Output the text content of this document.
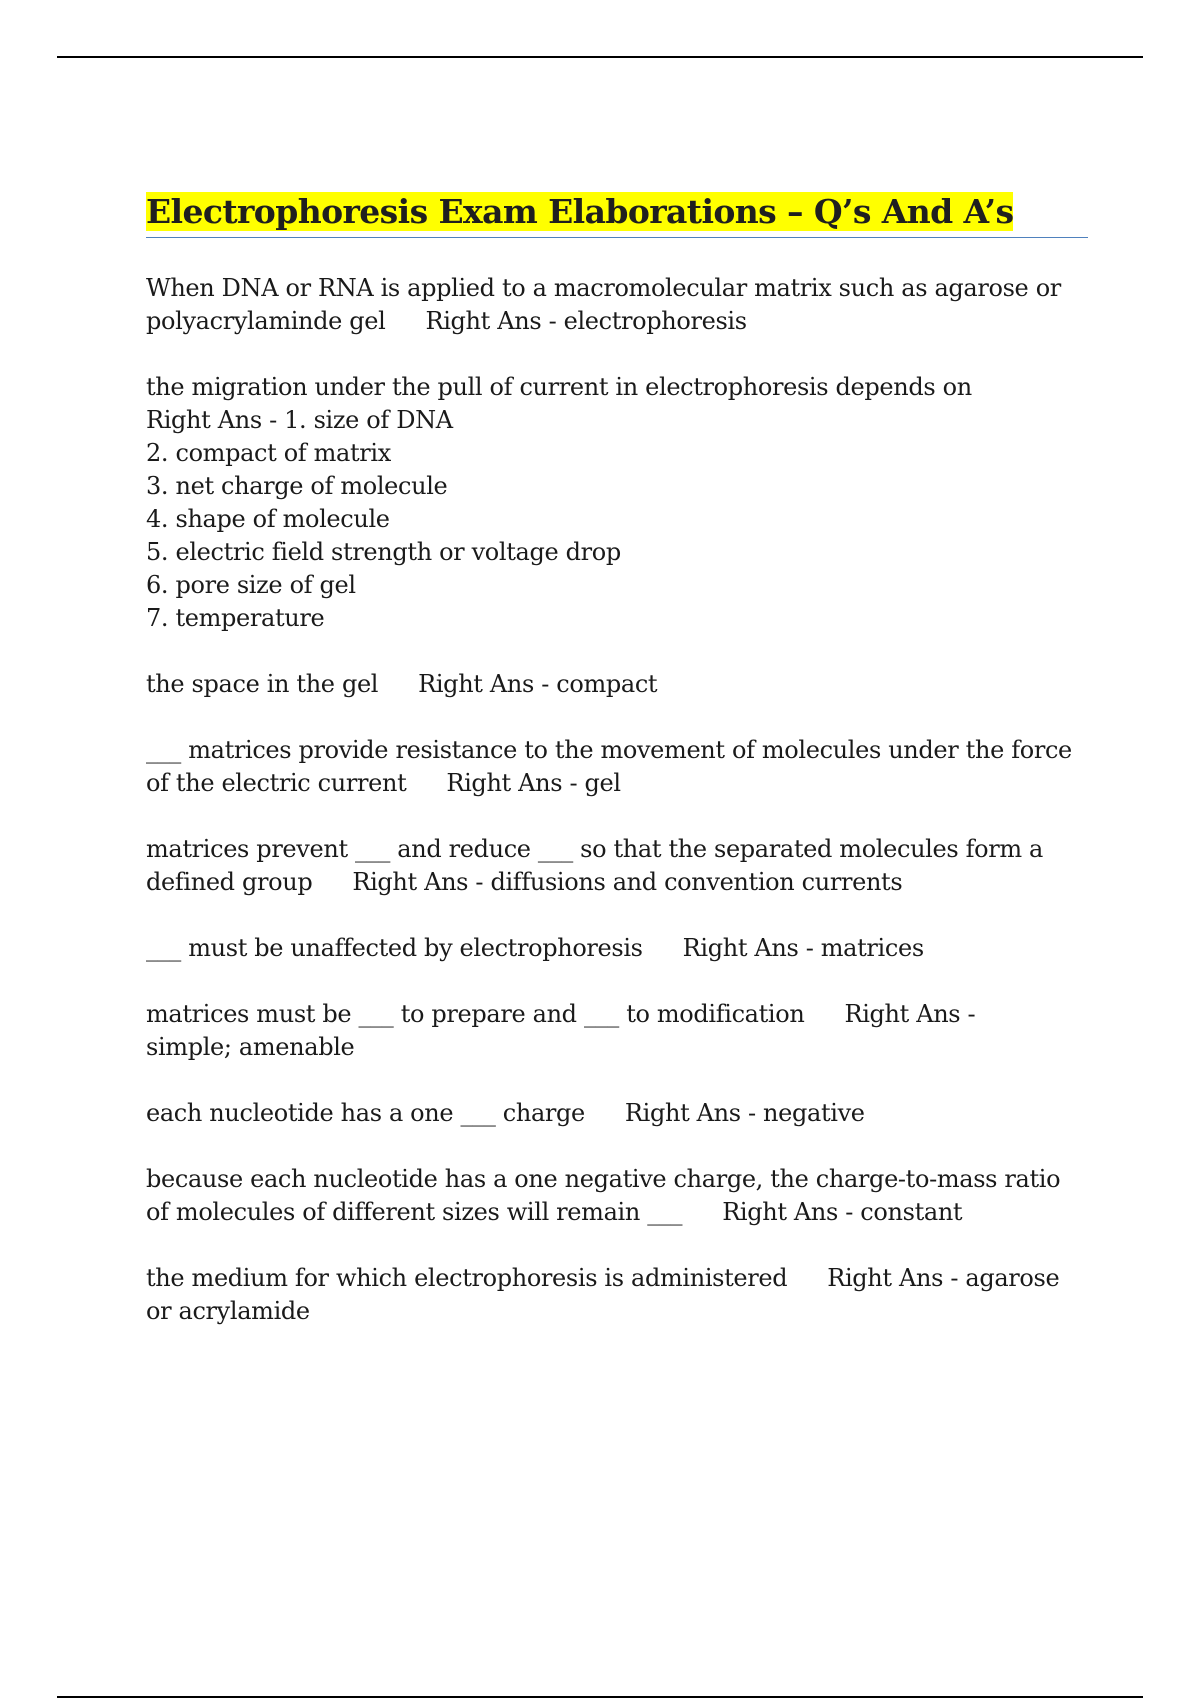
Electrophoresis Exam Elaborations – Q’s And A’s
When DNA or RNA is applied to a macromolecular matrix such as agarose or
polyacrylaminde gel Right Ans - electrophoresis
the migration under the pull of current in electrophoresis depends on
Right Ans - 1. size of DNA
2. compact of matrix
3. net charge of molecule
4. shape of molecule
5. electric field strength or voltage drop
6. pore size of gel
7. temperature
the space in the gel Right Ans - compact
___ matrices provide resistance to the movement of molecules under the force
of the electric current Right Ans - gel
matrices prevent ___ and reduce ___ so that the separated molecules form a
defined group Right Ans - diffusions and convention currents
___ must be unaffected by electrophoresis Right Ans - matrices
matrices must be ___ to prepare and ___ to modification Right Ans -
simple; amenable
each nucleotide has a one ___ charge Right Ans - negative
because each nucleotide has a one negative charge, the charge-to-mass ratio
of molecules of different sizes will remain ___ Right Ans - constant
the medium for which electrophoresis is administered Right Ans - agarose
or acrylamide
